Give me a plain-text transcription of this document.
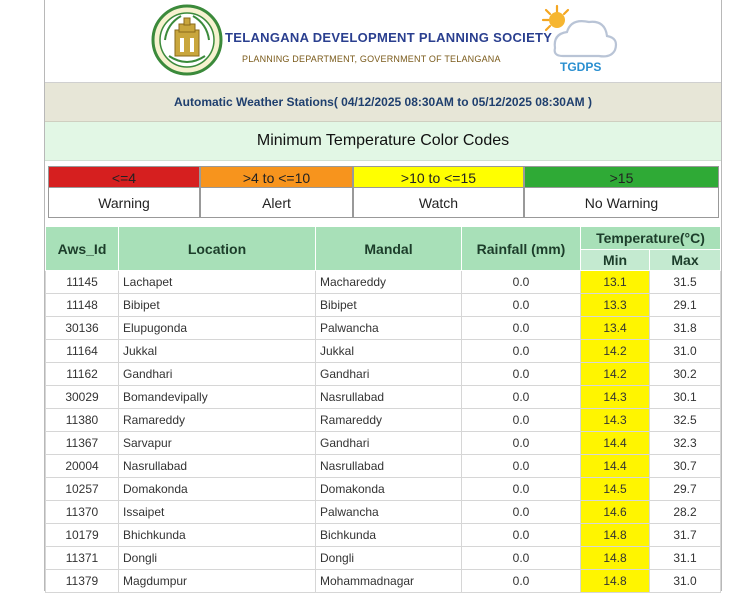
TELANGANA DEVELOPMENT PLANNING SOCIETY
PLANNING DEPARTMENT, GOVERNMENT OF TELANGANA
TGDPS
Automatic Weather Stations( 04/12/2025 08:30AM to 05/12/2025 08:30AM )
Minimum Temperature Color Codes
<=4	>4 to <=10	>10 to <=15	>15
Warning	Alert	Watch	No Warning
Aws_Id	Location	Mandal	Rainfall (mm)	Temperature(°C)	
				Min	Max
11145	Lachapet	Machareddy	0.0	13.1	31.5
11148	Bibipet	Bibipet	0.0	13.3	29.1
30136	Elupugonda	Palwancha	0.0	13.4	31.8
11164	Jukkal	Jukkal	0.0	14.2	31.0
11162	Gandhari	Gandhari	0.0	14.2	30.2
30029	Bomandevipally	Nasrullabad	0.0	14.3	30.1
11380	Ramareddy	Ramareddy	0.0	14.3	32.5
11367	Sarvapur	Gandhari	0.0	14.4	32.3
20004	Nasrullabad	Nasrullabad	0.0	14.4	30.7
10257	Domakonda	Domakonda	0.0	14.5	29.7
11370	Issaipet	Palwancha	0.0	14.6	28.2
10179	Bhichkunda	Bichkunda	0.0	14.8	31.7
11371	Dongli	Dongli	0.0	14.8	31.1
11379	Magdumpur	Mohammadnagar	0.0	14.8	31.0
